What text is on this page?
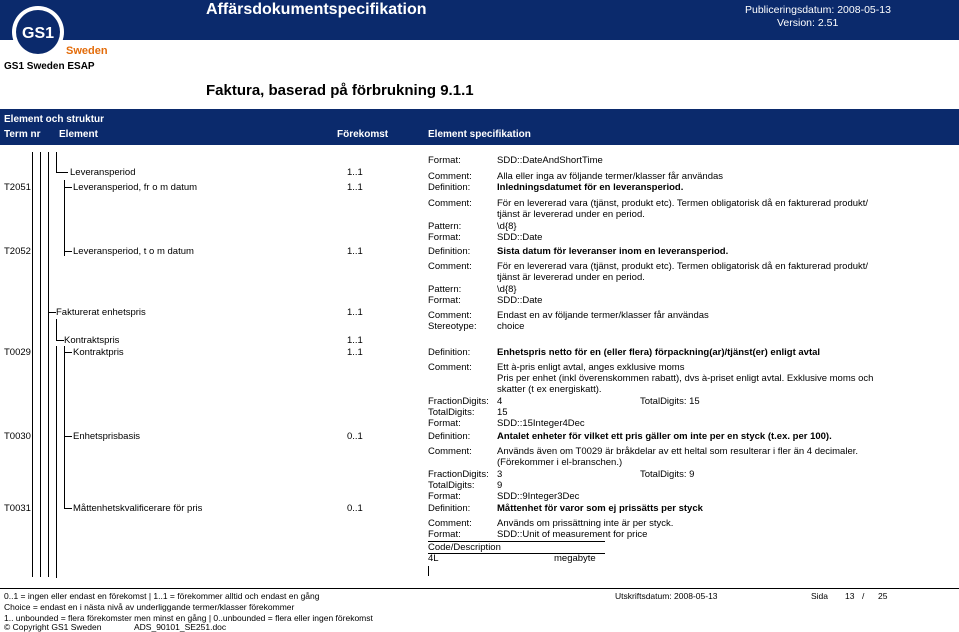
GS1
Sweden
Affärsdokumentspecifikation	Publiceringsdatum: 2008-05-13
Version: 2.51
GS1 Sweden ESAP
Faktura, baserad på förbrukning 9.1.1
Element och struktur
Term nr Element	Förekomst	Element specifikation
Format:	SDD::DateAndShortTime
Leveransperiod	1..1	Comment:	Alla eller inga av följande termer/klasser får användas
T2051	Leveransperiod, fr o m datum	1..1	Definition:	Inledningsdatumet för en leveransperiod.
Comment:	För en levererad vara (tjänst, produkt etc). Termen obligatorisk då en fakturerad produkt/
tjänst är levererad under en period.
Pattern:	\d{8}
Format:	SDD::Date
T2052	Leveransperiod, t o m datum	1..1	Definition:	Sista datum för leveranser inom en leveransperiod.
Comment:	För en levererad vara (tjänst, produkt etc). Termen obligatorisk då en fakturerad produkt/
tjänst är levererad under en period.
Pattern:	\d{8}
Format:	SDD::Date
Fakturerat enhetspris	1..1	Comment:	Endast en av följande termer/klasser får användas
Stereotype: choice
Kontraktspris	1..1
T0029	Kontraktpris	1..1	Definition:	Enhetspris netto för en (eller flera) förpackning(ar)/tjänst(er) enligt avtal
Comment:	Ett à-pris enligt avtal, anges exklusive moms
Pris per enhet (inkl överenskommen rabatt), dvs à-priset enligt avtal. Exklusive moms och
skatter (t ex energiskatt).
FractionDigits: 4	TotalDigits: 15
TotalDigits: 15
Format:	SDD::15Integer4Dec
T0030	Enhetsprisbasis	0..1	Definition:	Antalet enheter för vilket ett pris gäller om inte per en styck (t.ex. per 100).
Comment:	Används även om T0029 är bråkdelar av ett heltal som resulterar i fler än 4 decimaler.
(Förekommer i el-branschen.)
FractionDigits: 3	TotalDigits: 9
TotalDigits: 9
Format:	SDD::9Integer3Dec
T0031	Måttenhetskvalificerare för pris	0..1	Definition:	Måttenhet för varor som ej prissätts per styck
Comment:	Används om prissättning inte är per styck.
Format:	SDD::Unit of measurement for price
Code/Description
4L	megabyte
0..1 = ingen eller endast en förekomst | 1..1 = förekommer alltid och endast en gång
Choice = endast en i nästa nivå av underliggande termer/klasser förekommer
1.. unbounded = flera förekomster men minst en gång | 0..unbounded = flera eller ingen förekomst
© Copyright GS1 Sweden	ADS_90101_SE251.doc
Utskriftsdatum: 2008-05-13	Sida 13 / 25
